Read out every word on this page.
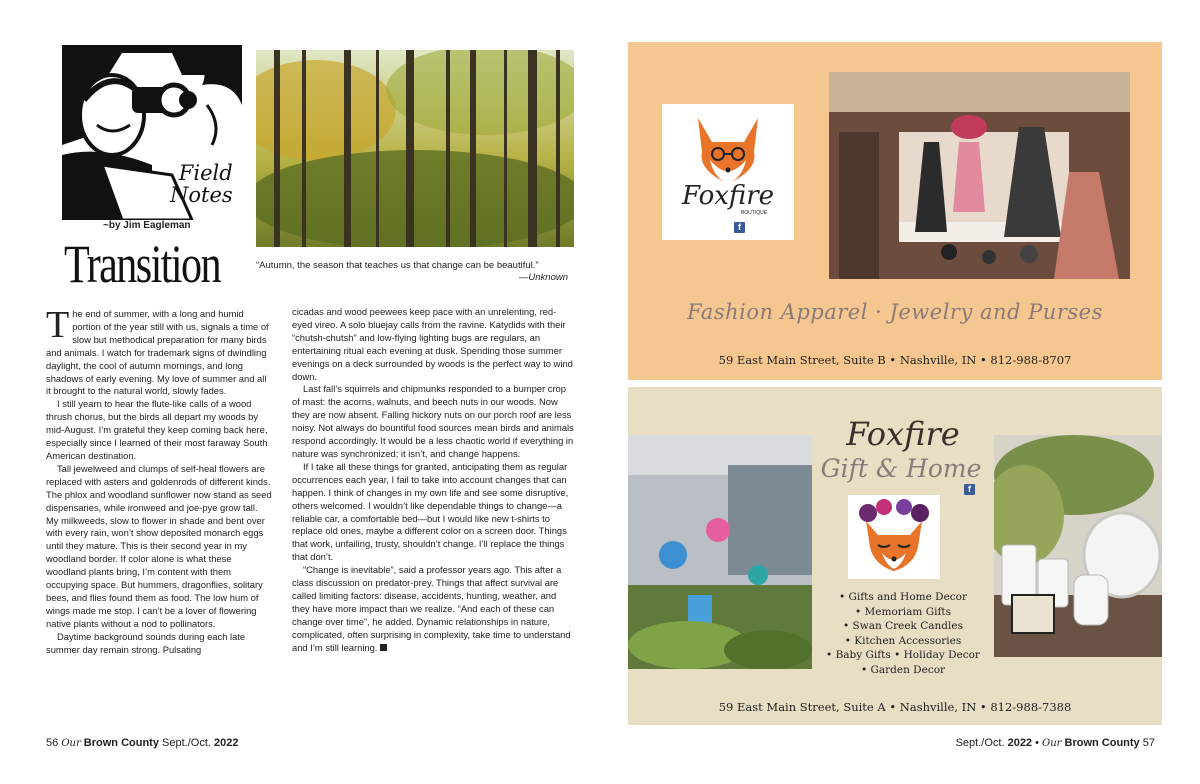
Field
Notes
~by Jim Eagleman
Transition	“Autumn, the season that teaches us that change can be beautiful.”
—Unknown

The end of summer, with a long and humid portion of the year still with us, signals a time of slow but methodical preparation for many birds and animals. I watch for trademark signs of dwindling daylight, the cool of autumn mornings, and long shadows of early evening. My love of summer and all it brought to the natural world, slowly fades.

I still yearn to hear the flute-like calls of a wood thrush chorus, but the birds all depart my woods by mid-August. I’m grateful they keep coming back here, especially since I learned of their most faraway South American destination.

Tall jewelweed and clumps of self-heal flowers are replaced with asters and goldenrods of different kinds. The phlox and woodland sunflower now stand as seed dispensaries, while ironweed and joe-pye grow tall. My milkweeds, slow to flower in shade and bent over with every rain, won’t show deposited monarch eggs until they mature. This is their second year in my woodland border. If color alone is what these woodland plants bring, I’m content with them occupying space. But hummers, dragonflies, solitary bees, and flies found them as food. The low hum of wings made me stop. I can’t be a lover of flowering native plants without a nod to pollinators.

Daytime background sounds during each late summer day remain strong. Pulsating

cicadas and wood peewees keep pace with an unrelenting, red-eyed vireo. A solo bluejay calls from the ravine. Katydids with their “chutsh-chutsh” and low-flying lighting bugs are regulars, an entertaining ritual each evening at dusk. Spending those summer evenings on a deck surrounded by woods is the perfect way to wind down.

Last fall’s squirrels and chipmunks responded to a bumper crop of mast: the acorns, walnuts, and beech nuts in our woods. Now they are now absent. Falling hickory nuts on our porch roof are less noisy. Not always do bountiful food sources mean birds and animals respond accordingly. It would be a less chaotic world if everything in nature was synchronized; it isn’t, and change happens.

If I take all these things for granted, anticipating them as regular occurrences each year, I fail to take into account changes that can happen. I think of changes in my own life and see some disruptive, others welcomed. I wouldn’t like dependable things to change—a reliable car, a comfortable bed—but I would like new t-shirts to replace old ones, maybe a different color on a screen door. Things that work, unfailing, trusty, shouldn’t change. I’ll replace the things that don’t.

“Change is inevitable”, said a professor years ago. This after a class discussion on predator-prey. Things that affect survival are called limiting factors: disease, accidents, hunting, weather, and they have more impact than we realize. “And each of these can change over time”, he added. Dynamic relationships in nature, complicated, often surprising in complexity, take time to understand and I’m still learning.

56 Our Brown County Sept./Oct. 2022
Foxfire
BOUTIQUE
f
Fashion Apparel · Jewelry and Purses
59 East Main Street, Suite B • Nashville, IN • 812-988-8707
Foxfire
Gift & Home
f
• Gifts and Home Decor
• Memoriam Gifts
• Swan Creek Candles
• Kitchen Accessories
• Baby Gifts • Holiday Decor
• Garden Decor
59 East Main Street, Suite A • Nashville, IN • 812-988-7388
Sept./Oct. 2022 • Our Brown County 57
